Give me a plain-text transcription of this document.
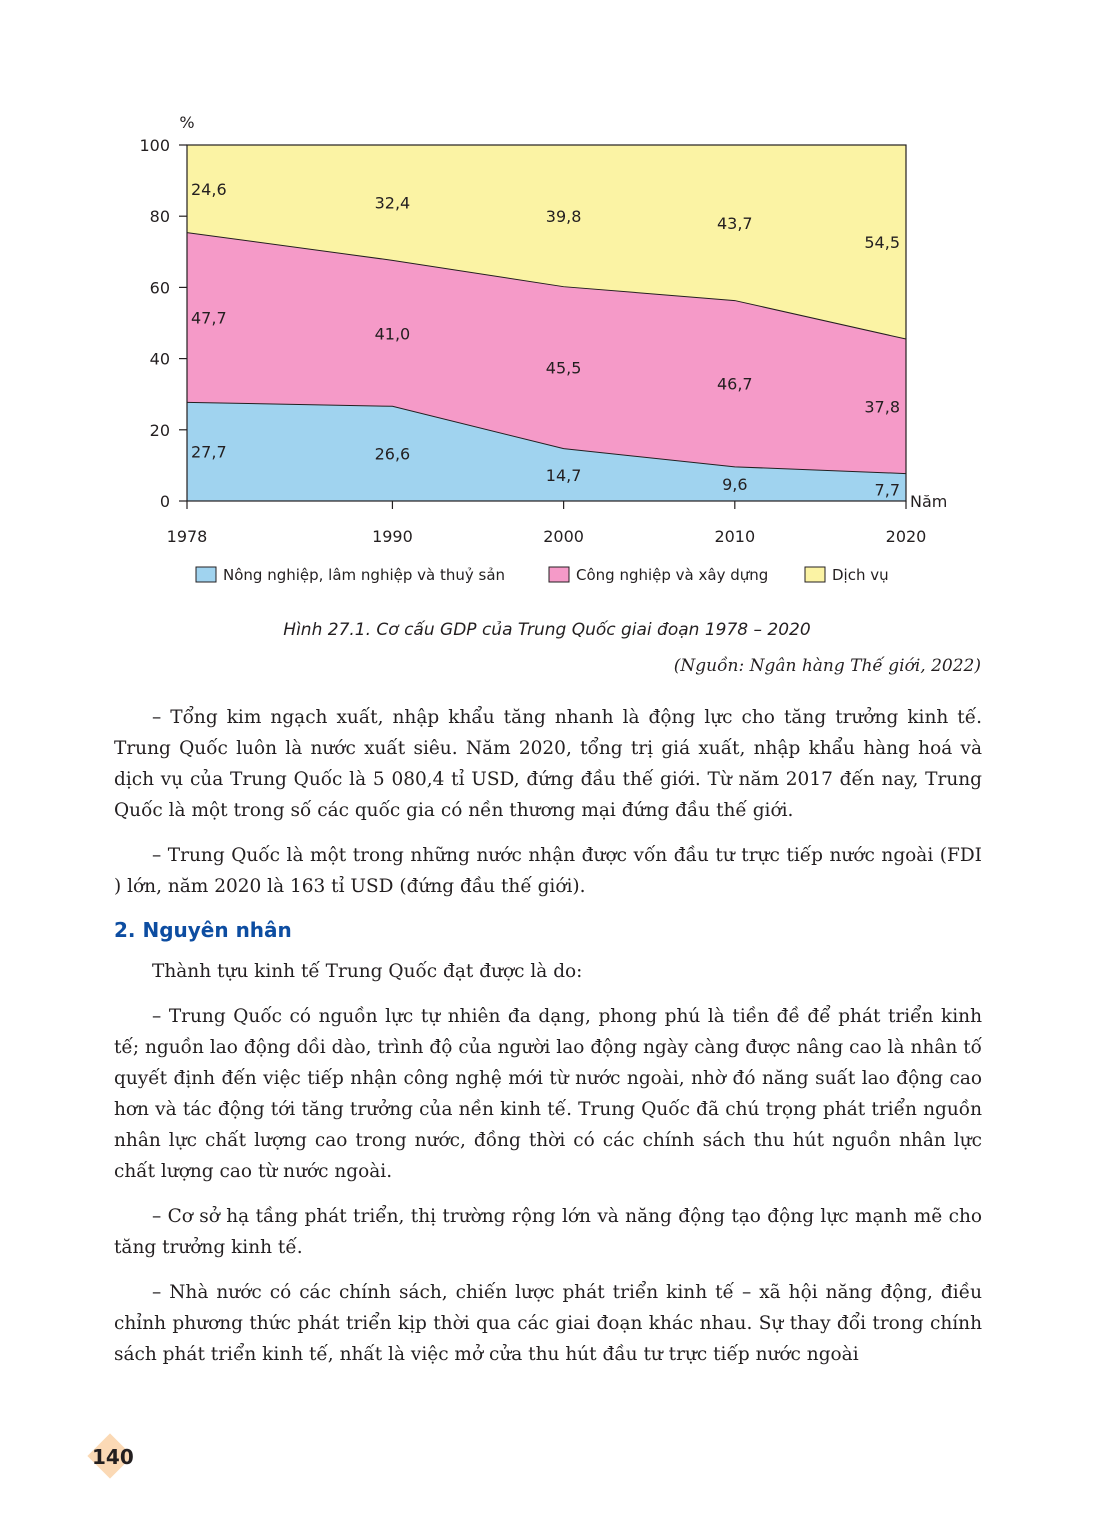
0
20
40
60
80
100
%
1978	1990	2000	2010	2020
Năm
27,7	26,6
14,7	9,6	7,7
47,7
41,0
45,5
46,7
37,8
24,6
32,4
39,8	43,7
54,5
Nông nghiệp, lâm nghiệp và thuỷ sản	Công nghiệp và xây dựng	Dịch vụ
Hình 27.1. Cơ cấu GDP của Trung Quốc giai đoạn 1978 – 2020
(Nguồn: Ngân hàng Thế giới, 2022)

– Tổng kim ngạch xuất, nhập khẩu tăng nhanh là động lực cho tăng trưởng kinh tế. Trung Quốc luôn là nước xuất siêu. Năm 2020, tổng trị giá xuất, nhập khẩu hàng hoá và dịch vụ của Trung Quốc là 5 080,4 tỉ USD, đứng đầu thế giới. Từ năm 2017 đến nay, Trung Quốc là một trong số các quốc gia có nền thương mại đứng đầu thế giới.

– Trung Quốc là một trong những nước nhận được vốn đầu tư trực tiếp nước ngoài (FDI ) lớn, năm 2020 là 163 tỉ USD (đứng đầu thế giới).

2. Nguyên nhân

Thành tựu kinh tế Trung Quốc đạt được là do:

– Trung Quốc có nguồn lực tự nhiên đa dạng, phong phú là tiền đề để phát triển kinh tế; nguồn lao động dồi dào, trình độ của người lao động ngày càng được nâng cao là nhân tố quyết định đến việc tiếp nhận công nghệ mới từ nước ngoài, nhờ đó năng suất lao động cao hơn và tác động tới tăng trưởng của nền kinh tế. Trung Quốc đã chú trọng phát triển nguồn nhân lực chất lượng cao trong nước, đồng thời có các chính sách thu hút nguồn nhân lực chất lượng cao từ nước ngoài.

– Cơ sở hạ tầng phát triển, thị trường rộng lớn và năng động tạo động lực mạnh mẽ cho tăng trưởng kinh tế.

– Nhà nước có các chính sách, chiến lược phát triển kinh tế – xã hội năng động, điều chỉnh phương thức phát triển kịp thời qua các giai đoạn khác nhau. Sự thay đổi trong chính sách phát triển kinh tế, nhất là việc mở cửa thu hút đầu tư trực tiếp nước ngoài

140
